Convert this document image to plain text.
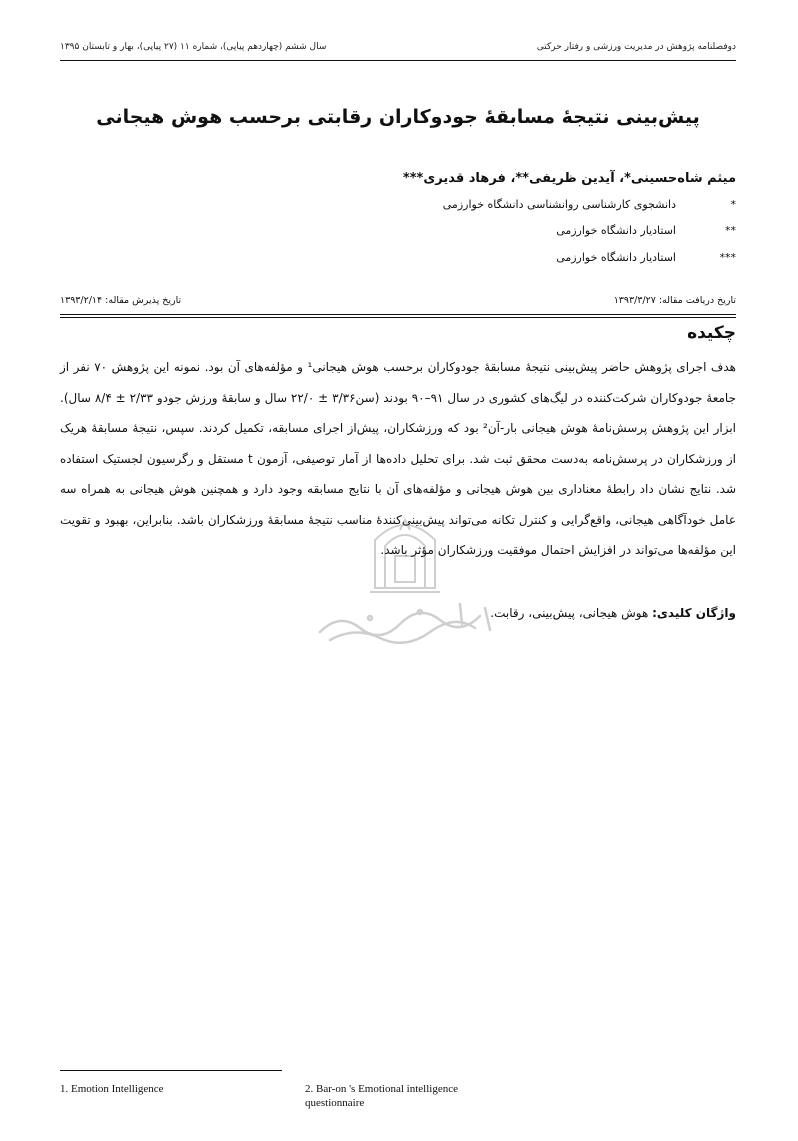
دوفصلنامه پژوهش در مدیریت ورزشی و رفتار حرکتی
سال ششم (چهاردهم پیاپی)، شماره ۱۱ (۲۷ پیاپی)، بهار و تابستان ۱۳۹۵
پیش‌بینی نتیجهٔ مسابقهٔ جودوکاران رقابتی برحسب هوش هیجانی
میثم شاه‌حسینی*، آیدین ظریفی**، فرهاد قدیری***
*
دانشجوی کارشناسی روانشناسی دانشگاه خوارزمی
**
استادیار دانشگاه خوارزمی
***
استادیار دانشگاه خوارزمی
تاریخ دریافت مقاله: ۱۳۹۳/۳/۲۷
تاریخ پذیرش مقاله: ۱۳۹۳/۲/۱۴
چکیده
هدف اجرای پژوهش حاضر پیش‌بینی نتیجهٔ مسابقهٔ جودوکاران برحسب هوش هیجانی¹ و مؤلفه‌های آن بود. نمونه این پژوهش ۷۰ نفر از جامعهٔ جودوکاران شرکت‌کننده در لیگ‌های کشوری در سال ۹۱–۹۰ بودند (سن۳/۳۶ ± ۲۲/۰ سال و سابقهٔ ورزش جودو ۲/۳۳ ± ۸/۴ سال). ابزار این پژوهش پرسش‌نامهٔ هوش هیجانی بار-آن² بود که ورزشکاران، پیش‌از اجرای مسابقه، تکمیل کردند. سپس، نتیجهٔ مسابقهٔ هریک از ورزشکاران در پرسش‌نامه به‌دست محقق ثبت شد. برای تحلیل داده‌ها از آمار توصیفی، آزمون t مستقل و رگرسیون لجستیک استفاده شد. نتایج نشان داد رابطهٔ معناداری بین هوش هیجانی و مؤلفه‌های آن با نتایج مسابقه وجود دارد و همچنین هوش هیجانی به همراه سه عامل خودآگاهی هیجانی، واقع‌گرایی و کنترل تکانه می‌تواند پیش‌بینی‌کنندهٔ مناسب نتیجهٔ مسابقهٔ ورزشکاران باشد. بنابراین، بهبود و تقویت این مؤلفه‌ها می‌تواند در افزایش احتمال موفقیت ورزشکاران مؤثر باشد.
واژگان کلیدی: هوش هیجانی، پیش‌بینی، رقابت.
1. Emotion Intelligence	2. Bar-on 's Emotional intelligence questionnaire
